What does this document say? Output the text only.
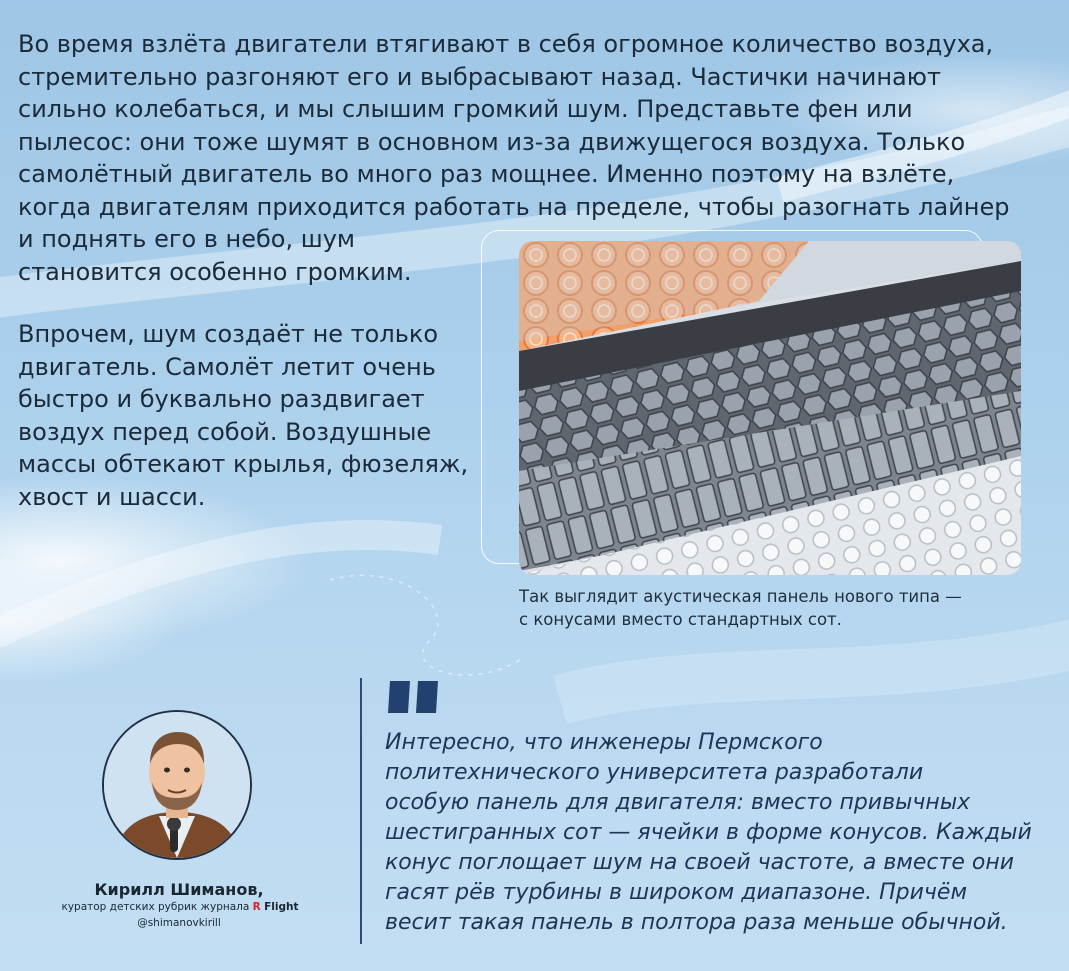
Во время взлёта двигатели втягивают в себя огромное количество воздуха,
стремительно разгоняют его и выбрасывают назад. Частички начинают
сильно колебаться, и мы слышим громкий шум. Представьте фен или
пылесос: они тоже шумят в основном из-за движущегося воздуха. Только
самолётный двигатель во много раз мощнее. Именно поэтому на взлёте,
когда двигателям приходится работать на пределе, чтобы разогнать лайнер
и поднять его в небо, шум
становится особенно громким.

Впрочем, шум создаёт не только
двигатель. Самолёт летит очень
быстро и буквально раздвигает
воздух перед собой. Воздушные
массы обтекают крылья, фюзеляж,
хвост и шасси.

Так выглядит акустическая панель нового типа —
с конусами вместо стандартных сот.
Интересно, что инженеры Пермского
политехнического университета разработали
особую панель для двигателя: вместо привычных
шестигранных сот — ячейки в форме конусов. Каждый
конус поглощает шум на своей частоте, а вместе они
гасят рёв турбины в широком диапазоне. Причём
весит такая панель в полтора раза меньше обычной.
Кирилл Шиманов,
куратор детских рубрик журнала R Flight
@shimanovkirill
